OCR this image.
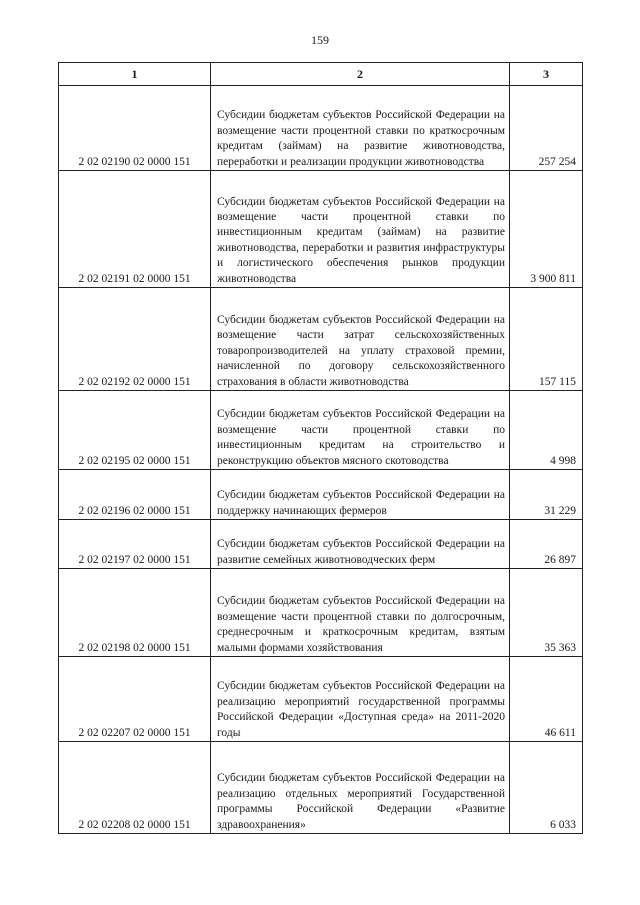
159
1	2	3
2 02 02190 02 0000 151	Субсидии бюджетам субъектов Российской Федерации на возмещение части процентной ставки по краткосрочным кредитам (займам) на развитие животноводства, переработки и реализации продукции животноводства	257 254
2 02 02191 02 0000 151	Субсидии бюджетам субъектов Российской Федерации на возмещение части процентной ставки по инвестиционным кредитам (займам) на развитие животноводства, переработки и развития инфраструктуры и логистического обеспечения рынков продукции животноводства	3 900 811
2 02 02192 02 0000 151	Субсидии бюджетам субъектов Российской Федерации на возмещение части затрат сельскохозяйственных товаропроизводителей на уплату страховой премии, начисленной по договору сельскохозяйственного страхования в области животноводства	157 115
2 02 02195 02 0000 151	Субсидии бюджетам субъектов Российской Федерации на возмещение части процентной ставки по инвестиционным кредитам на строительство и реконструкцию объектов мясного скотоводства	4 998
2 02 02196 02 0000 151	Субсидии бюджетам субъектов Российской Федерации на поддержку начинающих фермеров	31 229
2 02 02197 02 0000 151	Субсидии бюджетам субъектов Российской Федерации на развитие семейных животноводческих ферм	26 897
2 02 02198 02 0000 151	Субсидии бюджетам субъектов Российской Федерации на возмещение части процентной ставки по долгосрочным, среднесрочным и краткосрочным кредитам, взятым малыми формами хозяйствования	35 363
2 02 02207 02 0000 151	Субсидии бюджетам субъектов Российской Федерации на реализацию мероприятий государственной программы Российской Федерации «Доступная среда» на 2011-2020 годы	46 611
2 02 02208 02 0000 151	Субсидии бюджетам субъектов Российской Федерации на реализацию отдельных мероприятий Государственной программы Российской Федерации «Развитие здравоохранения»	6 033
